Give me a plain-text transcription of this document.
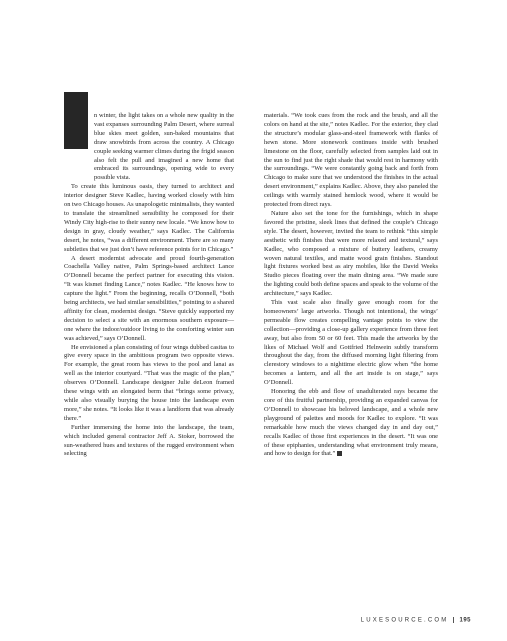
n winter, the light takes on a whole new quality in the vast expanses surrounding Palm Desert, where surreal blue skies meet golden, sun-baked mountains that draw snowbirds from across the country. A Chicago couple seeking warmer climes during the frigid season also felt the pull and imagined a new home that embraced its surroundings, opening wide to every possible vista.

To create this luminous oasis, they turned to architect and interior designer Steve Kadlec, having worked closely with him on two Chicago houses. As unapologetic minimalists, they wanted to translate the streamlined sensibility he composed for their Windy City high-rise to their sunny new locale. “We know how to design in gray, cloudy weather,” says Kadlec. The California desert, he notes, “was a different environment. There are so many subtleties that we just don’t have reference points for in Chicago.”

A desert modernist advocate and proud fourth-generation Coachella Valley native, Palm Springs-based architect Lance O’Donnell became the perfect partner for executing this vision. “It was kismet finding Lance,” notes Kadlec. “He knows how to capture the light.” From the beginning, recalls O’Donnell, “both being architects, we had similar sensibilities,” pointing to a shared affinity for clean, modernist design. “Steve quickly supported my decision to select a site with an enormous southern exposure—one where the indoor/outdoor living to the comforting winter sun was achieved,” says O’Donnell.

He envisioned a plan consisting of four wings dubbed casitas to give every space in the ambitious program two opposite views. For example, the great room has views to the pool and lanai as well as the interior courtyard. “That was the magic of the plan,” observes O’Donnell. Landscape designer Julie deLeon framed these wings with an elongated berm that “brings some privacy, while also visually burying the house into the landscape even more,” she notes. “It looks like it was a landform that was already there.”

Further immersing the home into the landscape, the team, which included general contractor Jeff A. Stoker, borrowed the sun-weathered hues and textures of the rugged environment when selecting

materials. “We took cues from the rock and the brush, and all the colors on hand at the site,” notes Kadlec. For the exterior, they clad the structure’s modular glass-and-steel framework with flanks of hewn stone. More stonework continues inside with brushed limestone on the floor, carefully selected from samples laid out in the sun to find just the right shade that would rest in harmony with the surroundings. “We were constantly going back and forth from Chicago to make sure that we understood the finishes in the actual desert environment,” explains Kadlec. Above, they also paneled the ceilings with warmly stained hemlock wood, where it would be protected from direct rays.

Nature also set the tone for the furnishings, which in shape favored the pristine, sleek lines that defined the couple’s Chicago style. The desert, however, invited the team to rethink “this simple aesthetic with finishes that were more relaxed and textural,” says Kadlec, who composed a mixture of buttery leathers, creamy woven natural textiles, and matte wood grain finishes. Standout light fixtures worked best as airy mobiles, like the David Weeks Studio pieces floating over the main dining area. “We made sure the lighting could both define spaces and speak to the volume of the architecture,” says Kadlec.

This vast scale also finally gave enough room for the homeowners’ large artworks. Though not intentional, the wings’ permeable flow creates compelling vantage points to view the collection—providing a close-up gallery experience from three feet away, but also from 50 or 60 feet. This made the artworks by the likes of Michael Wolf and Gottfried Helnwein subtly transform throughout the day, from the diffused morning light filtering from clerestory windows to a nighttime electric glow when “the home becomes a lantern, and all the art inside is on stage,” says O’Donnell.

Honoring the ebb and flow of unadulterated rays became the core of this fruitful partnership, providing an expanded canvas for O’Donnell to showcase his beloved landscape, and a whole new playground of palettes and moods for Kadlec to explore. “It was remarkable how much the views changed day in and day out,” recalls Kadlec of those first experiences in the desert. “It was one of these epiphanies, understanding what environment truly means, and how to design for that.”

LUXESOURCE.COM 195
